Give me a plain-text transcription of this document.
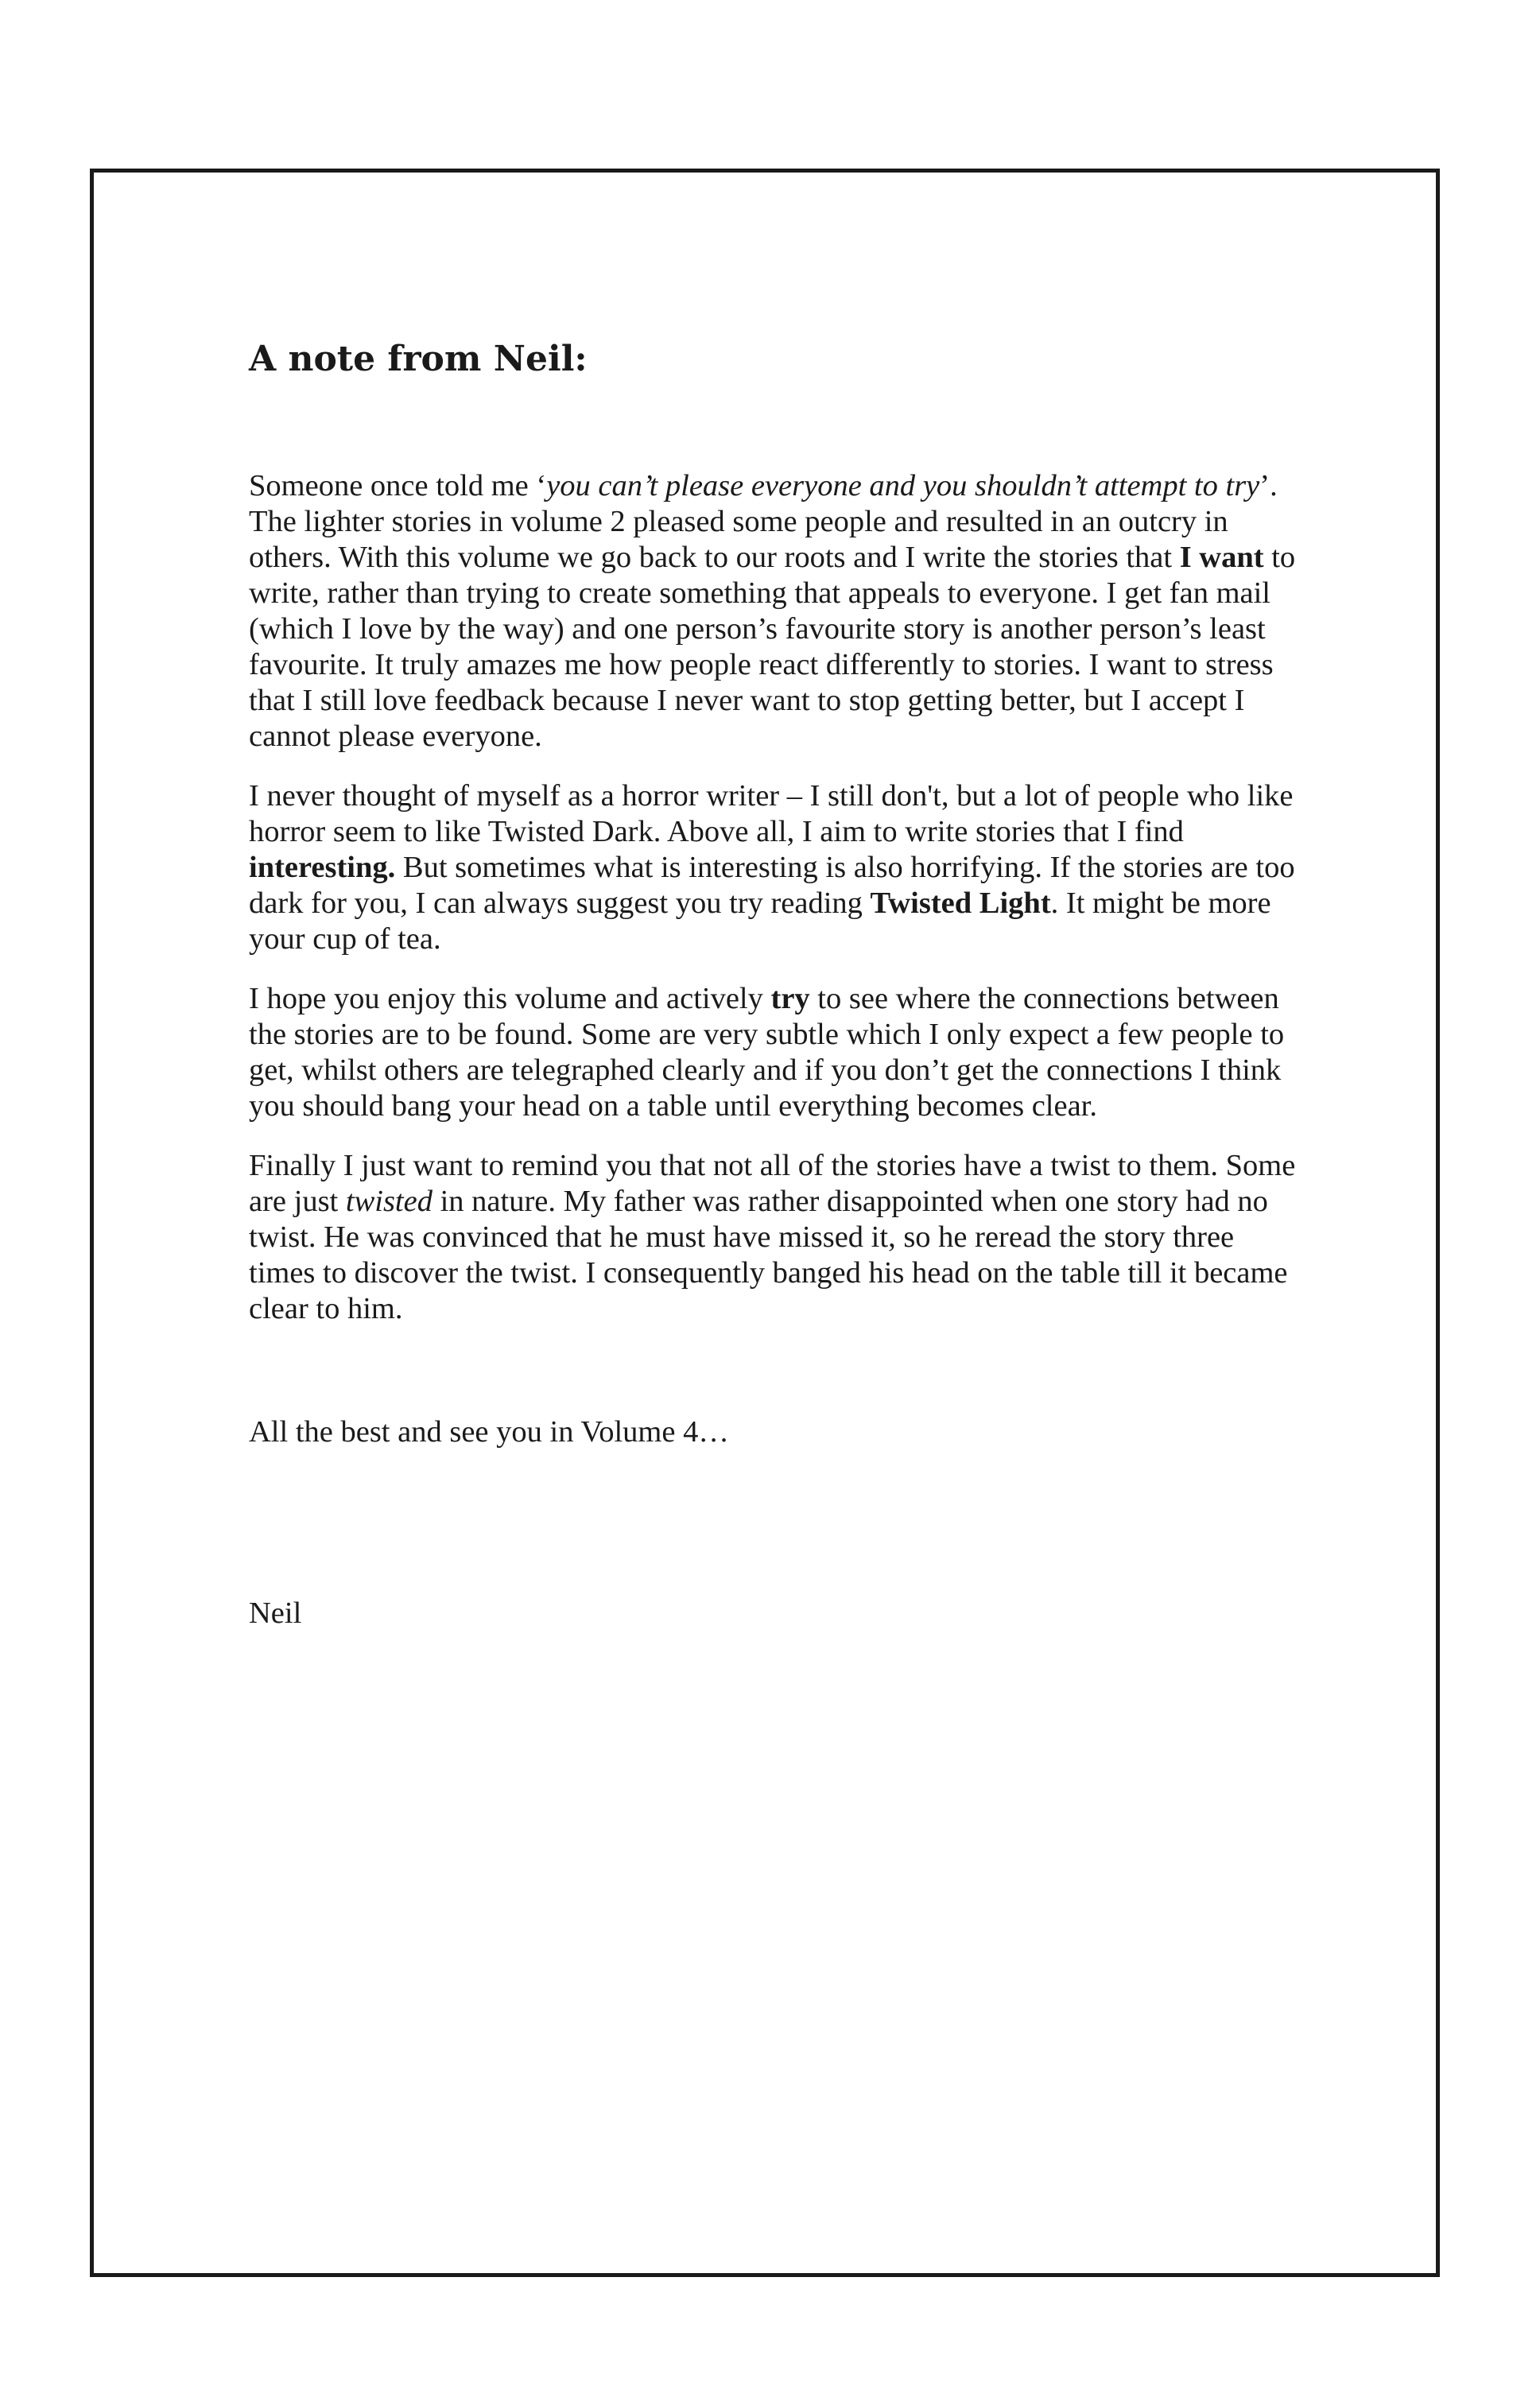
A note from Neil:

Someone once told me ‘you can’t please everyone and you shouldn’t attempt to try’. The lighter stories in volume 2 pleased some people and resulted in an outcry in others. With this volume we go back to our roots and I write the stories that I want to write, rather than trying to create something that appeals to everyone. I get fan mail (which I love by the way) and one person’s favourite story is another person’s least favourite. It truly amazes me how people react differently to stories. I want to stress that I still love feedback because I never want to stop getting better, but I accept I cannot please everyone.

I never thought of myself as a horror writer – I still don't, but a lot of people who like horror seem to like Twisted Dark. Above all, I aim to write stories that I find interesting. But sometimes what is interesting is also horrifying. If the stories are too dark for you, I can always suggest you try reading Twisted Light. It might be more your cup of tea.

I hope you enjoy this volume and actively try to see where the connections between the stories are to be found. Some are very subtle which I only expect a few people to get, whilst others are telegraphed clearly and if you don’t get the connections I think you should bang your head on a table until everything becomes clear.

Finally I just want to remind you that not all of the stories have a twist to them. Some are just twisted in nature. My father was rather disappointed when one story had no twist. He was convinced that he must have missed it, so he reread the story three times to discover the twist. I consequently banged his head on the table till it became clear to him.

All the best and see you in Volume 4…

Neil
